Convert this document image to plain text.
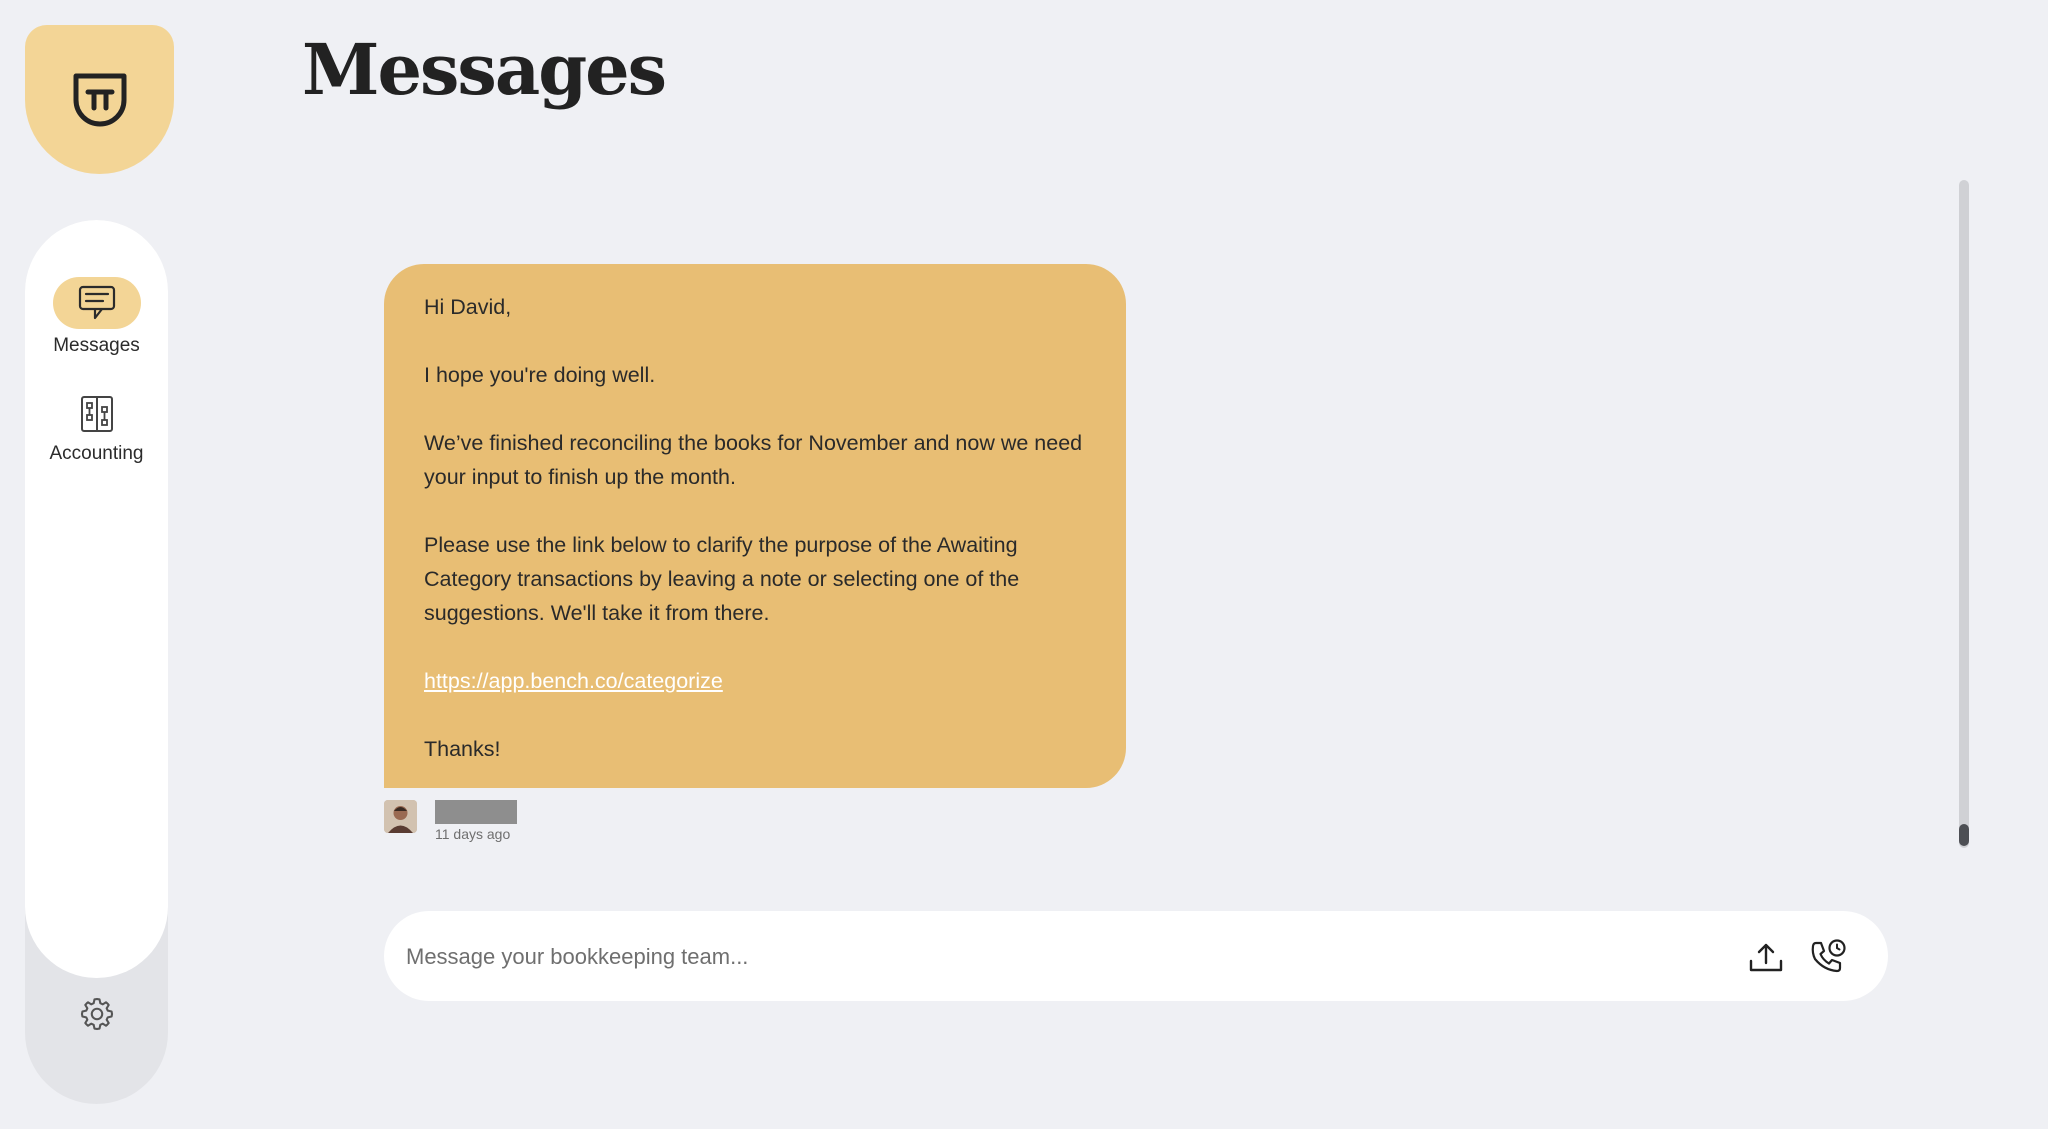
Messages
Accounting
Messages

Hi David,

I hope you're doing well.

We’ve finished reconciling the books for November and now we need your input to finish up the month.

Please use the link below to clarify the purpose of the Awaiting Category transactions by leaving a note or selecting one of the suggestions. We'll take it from there.

https://app.bench.co/categorize

Thanks!

11 days ago
Message your bookkeeping team...
